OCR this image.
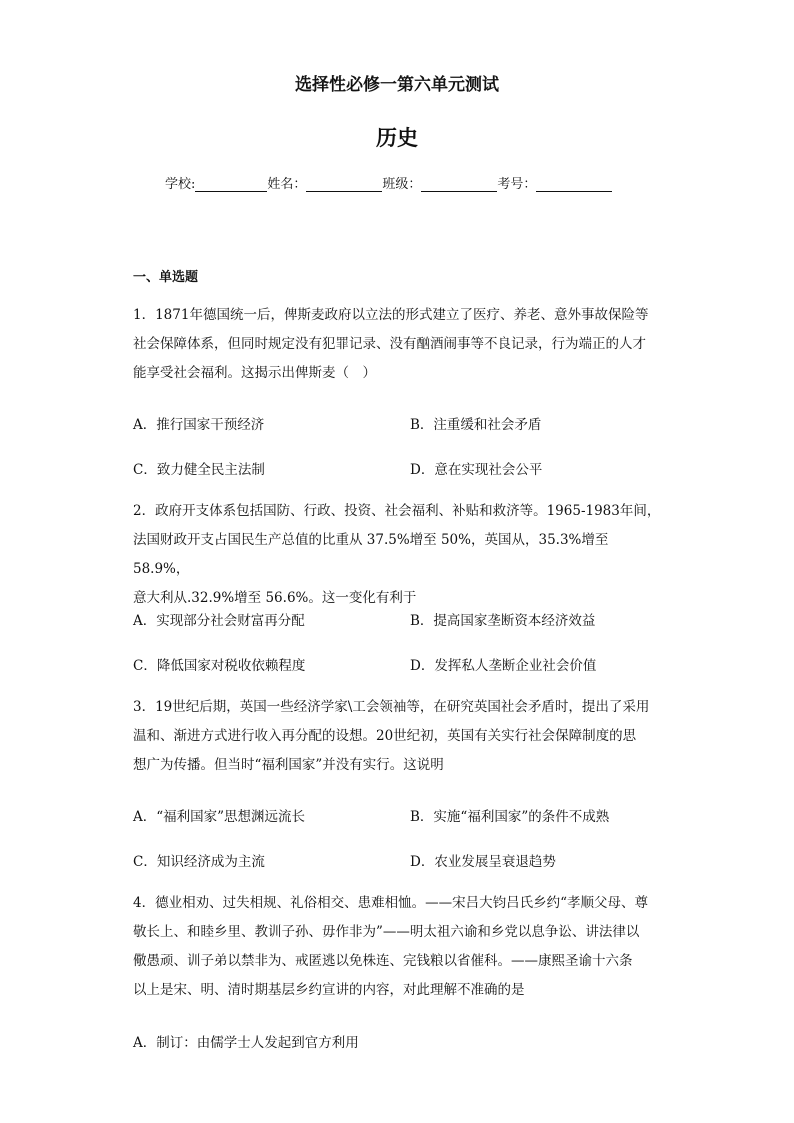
选择性必修一第六单元测试
历史
学校:	姓名：	班级：	考号：
一、单选题
1．1871年德国统一后，俾斯麦政府以立法的形式建立了医疗、养老、意外事故保险等
社会保障体系，但同时规定没有犯罪记录、没有酗酒闹事等不良记录，行为端正的人才
能享受社会福利。这揭示出俾斯麦（　）
A．推行国家干预经济	B．注重缓和社会矛盾
C．致力健全民主法制	D．意在实现社会公平
2．政府开支体系包括国防、行政、投资、社会福利、补贴和救济等。1965-1983年间，
法国财政开支占国民生产总值的比重从 37.5%增至 50%，英国从，35.3%增至 58.9%，
意大利从.32.9%增至 56.6%。这一变化有利于
A．实现部分社会财富再分配	B．提高国家垄断资本经济效益
C．降低国家对税收依赖程度	D．发挥私人垄断企业社会价值
3．19世纪后期，英国一些经济学家\工会领袖等，在研究英国社会矛盾时，提出了采用
温和、渐进方式进行收入再分配的设想。20世纪初，英国有关实行社会保障制度的思
想广为传播。但当时“福利国家”并没有实行。这说明
A．“福利国家”思想渊远流长	B．实施“福利国家”的条件不成熟
C．知识经济成为主流	D．农业发展呈衰退趋势
4．德业相劝、过失相规、礼俗相交、患难相恤。——宋吕大钧吕氏乡约“孝顺父母、尊
敬长上、和睦乡里、教训子孙、毋作非为”——明太祖六谕和乡党以息争讼、讲法律以
儆愚顽、训子弟以禁非为、戒匿逃以免株连、完钱粮以省催科。——康熙圣谕十六条
以上是宋、明、清时期基层乡约宣讲的内容，对此理解不准确的是
A．制订：由儒学士人发起到官方利用
